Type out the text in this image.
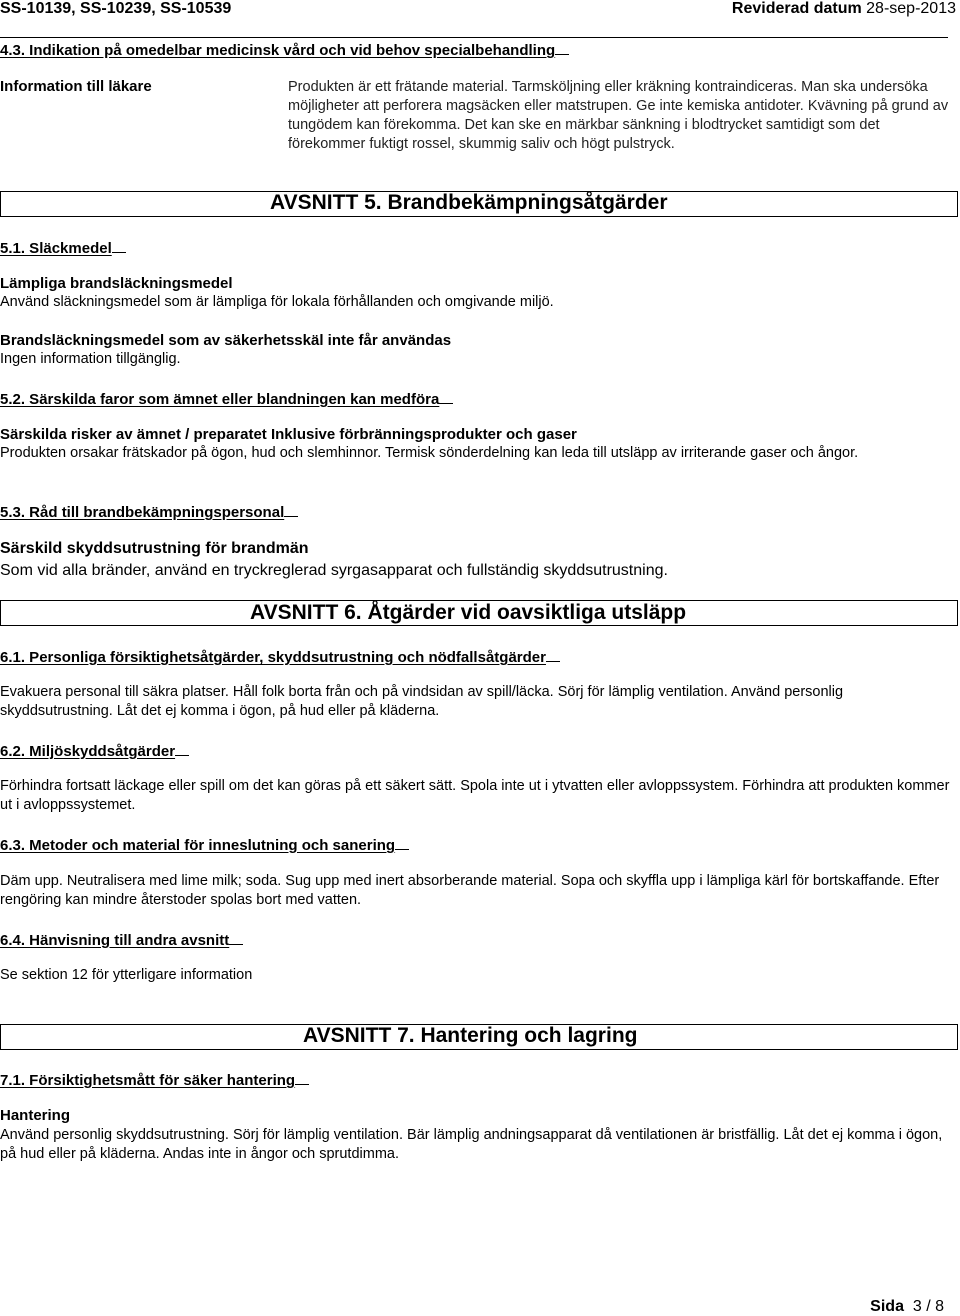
SS-10139, SS-10239, SS-10539	Reviderad datum 28-sep-2013
4.3. Indikation på omedelbar medicinsk vård och vid behov specialbehandling
Information till läkare	Produkten är ett frätande material. Tarmsköljning eller kräkning kontraindiceras. Man ska undersöka möjligheter att perforera magsäcken eller matstrupen. Ge inte kemiska antidoter. Kvävning på grund av tungödem kan förekomma. Det kan ske en märkbar sänkning i blodtrycket samtidigt som det förekommer fuktigt rossel, skummig saliv och högt pulstryck.
AVSNITT 5. Brandbekämpningsåtgärder
5.1. Släckmedel
Lämpliga brandsläckningsmedel
Använd släckningsmedel som är lämpliga för lokala förhållanden och omgivande miljö.
Brandsläckningsmedel som av säkerhetsskäl inte får användas
Ingen information tillgänglig.
5.2. Särskilda faror som ämnet eller blandningen kan medföra
Särskilda risker av ämnet / preparatet Inklusive förbränningsprodukter och gaser
Produkten orsakar frätskador på ögon, hud och slemhinnor. Termisk sönderdelning kan leda till utsläpp av irriterande gaser och ångor.
5.3. Råd till brandbekämpningspersonal
Särskild skyddsutrustning för brandmän
Som vid alla bränder, använd en tryckreglerad syrgasapparat och fullständig skyddsutrustning.
AVSNITT 6. Åtgärder vid oavsiktliga utsläpp
6.1. Personliga försiktighetsåtgärder, skyddsutrustning och nödfallsåtgärder
Evakuera personal till säkra platser. Håll folk borta från och på vindsidan av spill/läcka. Sörj för lämplig ventilation. Använd personlig skyddsutrustning. Låt det ej komma i ögon, på hud eller på kläderna.
6.2. Miljöskyddsåtgärder
Förhindra fortsatt läckage eller spill om det kan göras på ett säkert sätt. Spola inte ut i ytvatten eller avloppssystem. Förhindra att produkten kommer ut i avloppssystemet.
6.3. Metoder och material för inneslutning och sanering
Däm upp. Neutralisera med lime milk; soda. Sug upp med inert absorberande material. Sopa och skyffla upp i lämpliga kärl för bortskaffande. Efter rengöring kan mindre återstoder spolas bort med vatten.
6.4. Hänvisning till andra avsnitt
Se sektion 12 för ytterligare information
AVSNITT 7. Hantering och lagring
7.1. Försiktighetsmått för säker hantering
Hantering
Använd personlig skyddsutrustning. Sörj för lämplig ventilation. Bär lämplig andningsapparat då ventilationen är bristfällig. Låt det ej komma i ögon, på hud eller på kläderna. Andas inte in ångor och sprutdimma.
Sida 3 / 8
